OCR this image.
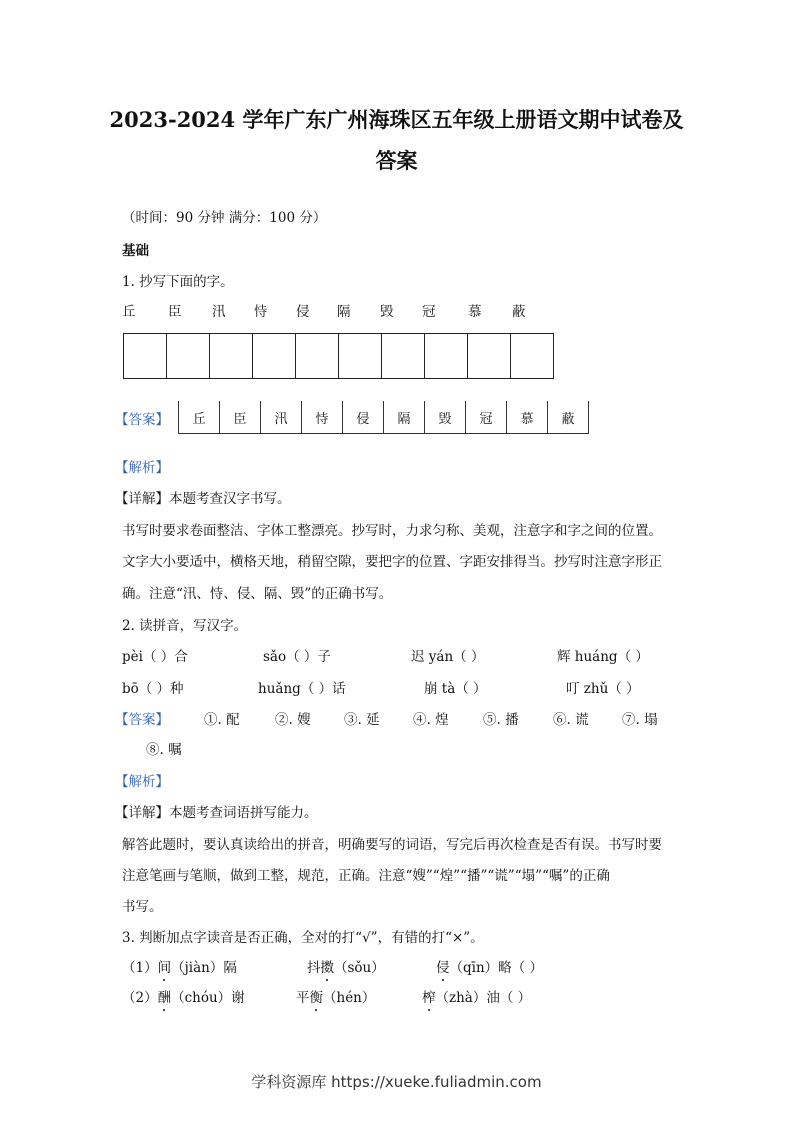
2023-2024 学年广东广州海珠区五年级上册语文期中试卷及
答案
（时间：90 分钟 满分：100 分）
基础
1. 抄写下面的字。
丘 臣 汛 恃 侵 隔 毁 冠 慕 蔽

【答案】 丘	臣	汛	恃	侵	隔	毁	冠	慕	蔽
【解析】
【详解】本题考查汉字书写。
书写时要求卷面整洁、字体工整漂亮。抄写时，力求匀称、美观，注意字和字之间的位置。
文字大小要适中，横格天地，稍留空隙，要把字的位置、字距安排得当。抄写时注意字形正
确。注意“汛、恃、侵、隔、毁”的正确书写。
2. 读拼音，写汉字。
pèi（ ）合	sǎo（ ）子	迟 yán（ ）	辉 huáng（ ）
bō（ ）种	huǎng（ ）话	崩 tà（ ）	叮 zhǔ（ ）
【答案】	①. 配	②. 嫂 ③. 延 ④. 煌	⑤. 播	⑥. 谎 ⑦. 塌
⑧. 嘱
【解析】
【详解】本题考查词语拼写能力。
解答此题时，要认真读给出的拼音，明确要写的词语，写完后再次检查是否有误。书写时要
注意笔画与笔顺，做到工整，规范，正确。注意“嫂”“煌”“播”“谎”“塌”“嘱”的正确
书写。
3. 判断加点字读音是否正确，全对的打“√”，有错的打“×”。
（1）间（jiàn）隔	抖擞（sǒu）	侵（qīn）略（ ）
（2）酬（chóu）谢	平衡（hén）	榨（zhà）油（ ）
学科资源库 https://xueke.fuliadmin.com
